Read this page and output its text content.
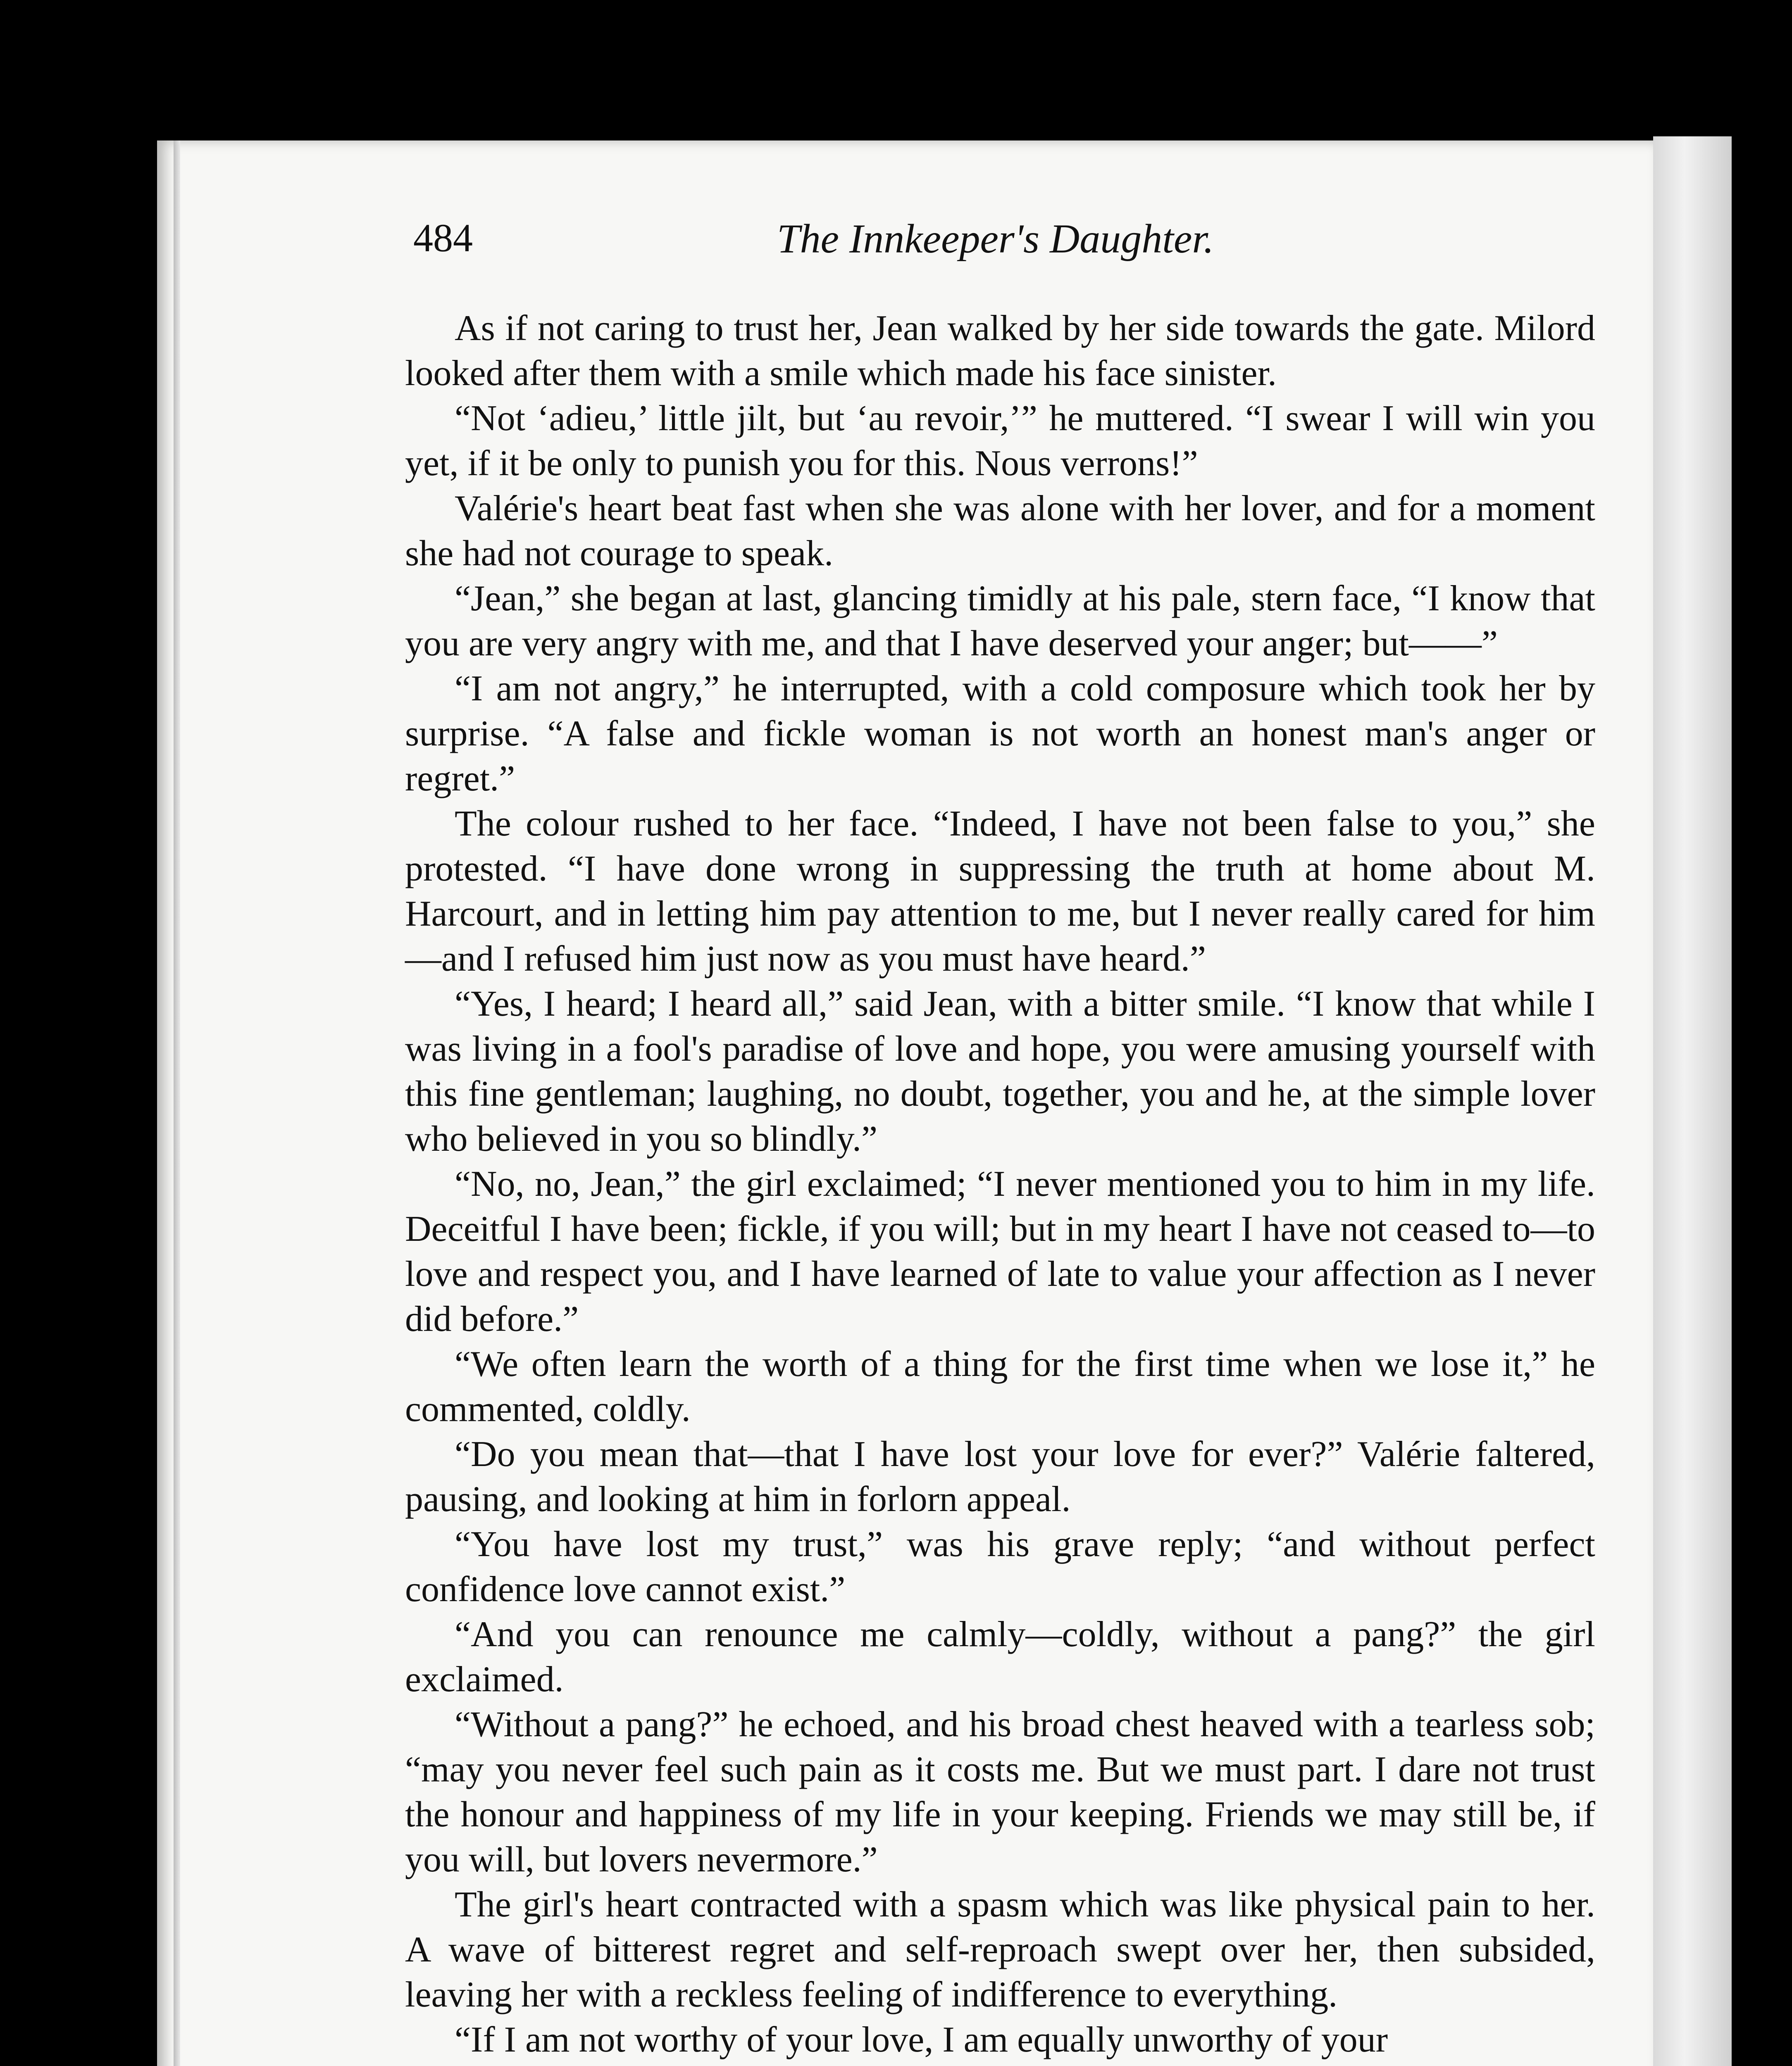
484	The Innkeeper's Daughter.

As if not caring to trust her, Jean walked by her side towards the gate. Milord looked after them with a smile which made his face sinister.

“Not ‘adieu,’ little jilt, but ‘au revoir,’” he muttered. “I swear I will win you yet, if it be only to punish you for this. Nous verrons!”

Valérie's heart beat fast when she was alone with her lover, and for a moment she had not courage to speak.

“Jean,” she began at last, glancing timidly at his pale, stern face, “I know that you are very angry with me, and that I have deserved your anger; but——”

“I am not angry,” he interrupted, with a cold composure which took her by surprise. “A false and fickle woman is not worth an honest man's anger or regret.”

The colour rushed to her face. “Indeed, I have not been false to you,” she protested. “I have done wrong in suppressing the truth at home about M. Harcourt, and in letting him pay attention to me, but I never really cared for him—and I refused him just now as you must have heard.”

“Yes, I heard; I heard all,” said Jean, with a bitter smile. “I know that while I was living in a fool's paradise of love and hope, you were amusing yourself with this fine gentleman; laughing, no doubt, together, you and he, at the simple lover who believed in you so blindly.”

“No, no, Jean,” the girl exclaimed; “I never mentioned you to him in my life. Deceitful I have been; fickle, if you will; but in my heart I have not ceased to—to love and respect you, and I have learned of late to value your affection as I never did before.”

“We often learn the worth of a thing for the first time when we lose it,” he commented, coldly.

“Do you mean that—that I have lost your love for ever?” Valérie faltered, pausing, and looking at him in forlorn appeal.

“You have lost my trust,” was his grave reply; “and without perfect confidence love cannot exist.”

“And you can renounce me calmly—coldly, without a pang?” the girl exclaimed.

“Without a pang?” he echoed, and his broad chest heaved with a tearless sob; “may you never feel such pain as it costs me. But we must part. I dare not trust the honour and happiness of my life in your keeping. Friends we may still be, if you will, but lovers nevermore.”

The girl's heart contracted with a spasm which was like physical pain to her. A wave of bitterest regret and self-reproach swept over her, then subsided, leaving her with a reckless feeling of indifference to everything.

“If I am not worthy of your love, I am equally unworthy of your
